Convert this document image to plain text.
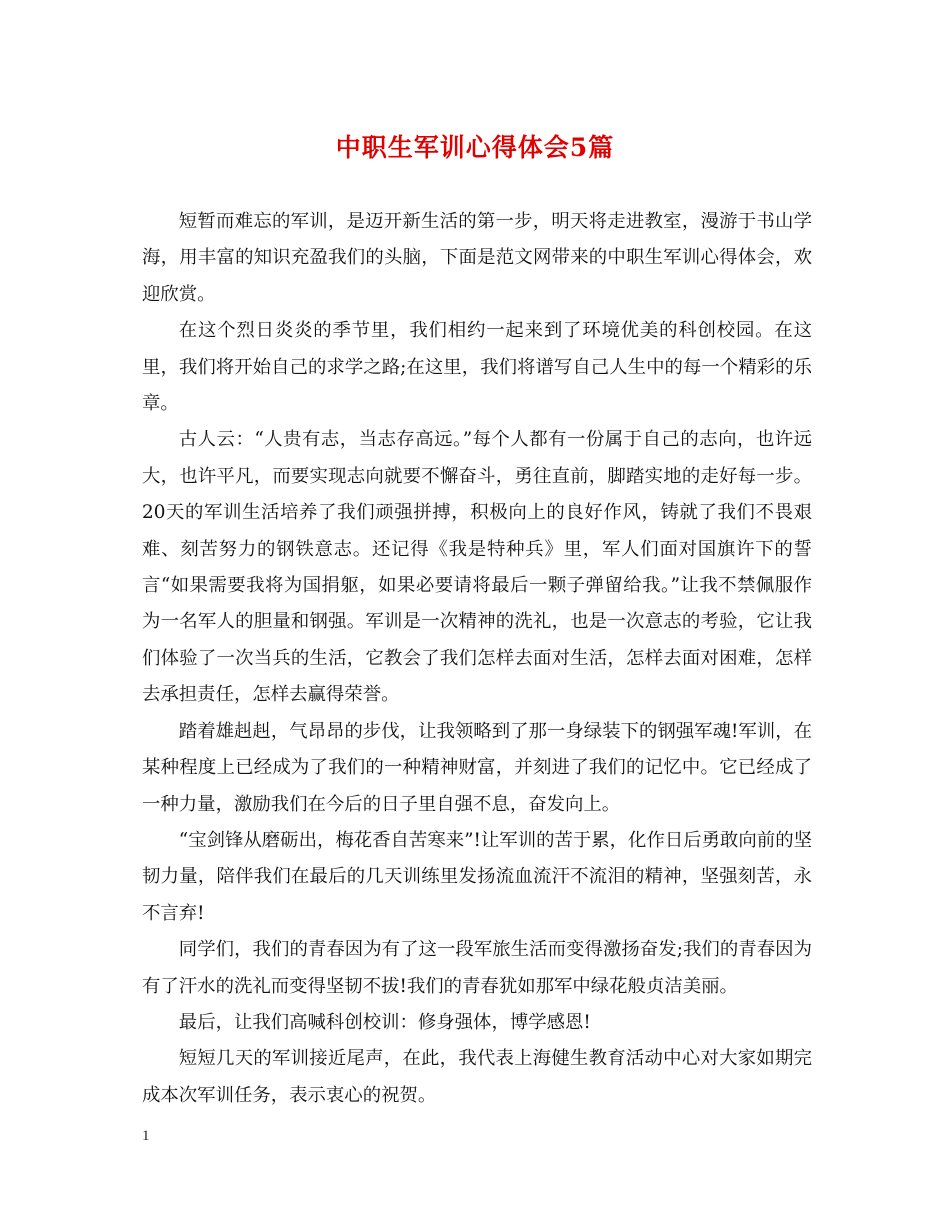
中职生军训心得体会5篇

短暂而难忘的军训，是迈开新生活的第一步，明天将走进教室，漫游于书山学海，用丰富的知识充盈我们的头脑，下面是范文网带来的中职生军训心得体会，欢迎欣赏。

在这个烈日炎炎的季节里，我们相约一起来到了环境优美的科创校园。在这里，我们将开始自己的求学之路;在这里，我们将谱写自己人生中的每一个精彩的乐章。

古人云：“人贵有志，当志存高远。”每个人都有一份属于自己的志向，也许远大，也许平凡，而要实现志向就要不懈奋斗，勇往直前，脚踏实地的走好每一步。20天的军训生活培养了我们顽强拼搏，积极向上的良好作风，铸就了我们不畏艰难、刻苦努力的钢铁意志。还记得《我是特种兵》里，军人们面对国旗许下的誓言“如果需要我将为国捐躯，如果必要请将最后一颗子弹留给我。”让我不禁佩服作为一名军人的胆量和钢强。军训是一次精神的洗礼，也是一次意志的考验，它让我们体验了一次当兵的生活，它教会了我们怎样去面对生活，怎样去面对困难，怎样去承担责任，怎样去赢得荣誉。

踏着雄赳赳，气昂昂的步伐，让我领略到了那一身绿装下的钢强军魂!军训，在某种程度上已经成为了我们的一种精神财富，并刻进了我们的记忆中。它已经成了一种力量，激励我们在今后的日子里自强不息，奋发向上。

“宝剑锋从磨砺出，梅花香自苦寒来”!让军训的苦于累，化作日后勇敢向前的坚韧力量，陪伴我们在最后的几天训练里发扬流血流汗不流泪的精神，坚强刻苦，永不言弃!

同学们，我们的青春因为有了这一段军旅生活而变得激扬奋发;我们的青春因为有了汗水的洗礼而变得坚韧不拔!我们的青春犹如那军中绿花般贞洁美丽。

最后，让我们高喊科创校训：修身强体，博学感恩!

短短几天的军训接近尾声，在此，我代表上海健生教育活动中心对大家如期完成本次军训任务，表示衷心的祝贺。

1
